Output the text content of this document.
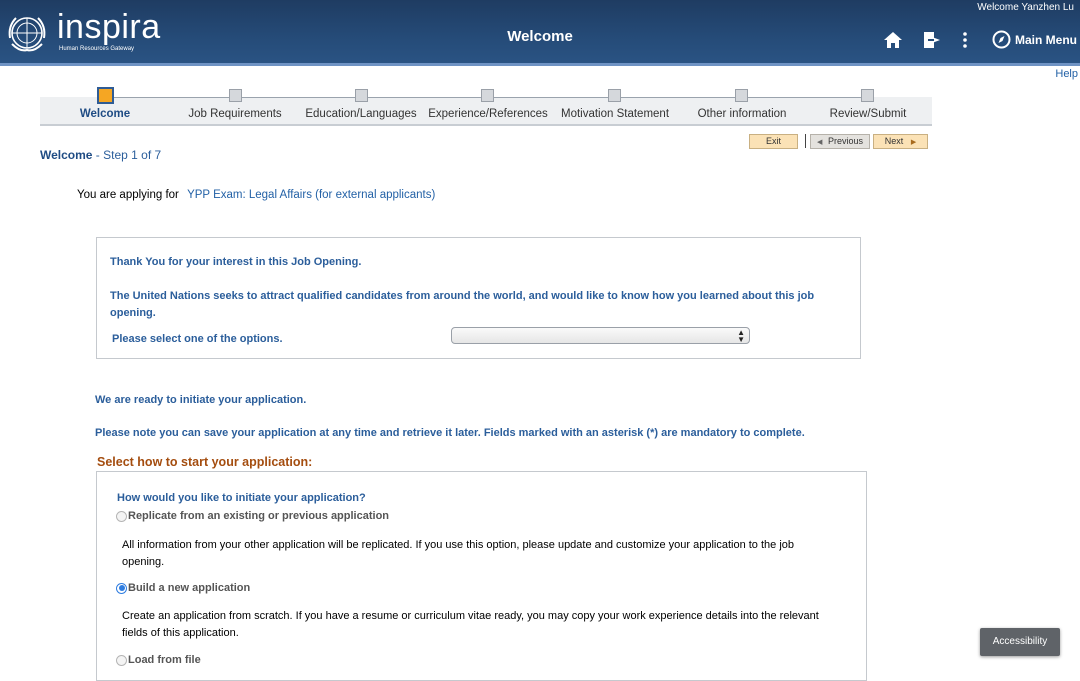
inspira
Human Resources Gateway
Welcome Yanzhen Lu
Welcome	Main Menu
Help
Welcome	Job Requirements Education/Languages Experience/References Motivation Statement Other information	Review/Submit
Exit	◀ Previous	Next ▶
Welcome - Step 1 of 7
You are applying for YPP Exam: Legal Affairs (for external applicants)
Thank You for your interest in this Job Opening.
The United Nations seeks to attract qualified candidates from around the world, and would like to know how you learned about this job opening.
Please select one of the options.
▲
▼
We are ready to initiate your application.
Please note you can save your application at any time and retrieve it later. Fields marked with an asterisk (*) are mandatory to complete.
Select how to start your application:
How would you like to initiate your application?
Replicate from an existing or previous application
All information from your other application will be replicated. If you use this option, please update and customize your application to the job opening.
Build a new application
Create an application from scratch. If you have a resume or curriculum vitae ready, you may copy your work experience details into the relevant fields of this application.
Load from file
Accessibility
